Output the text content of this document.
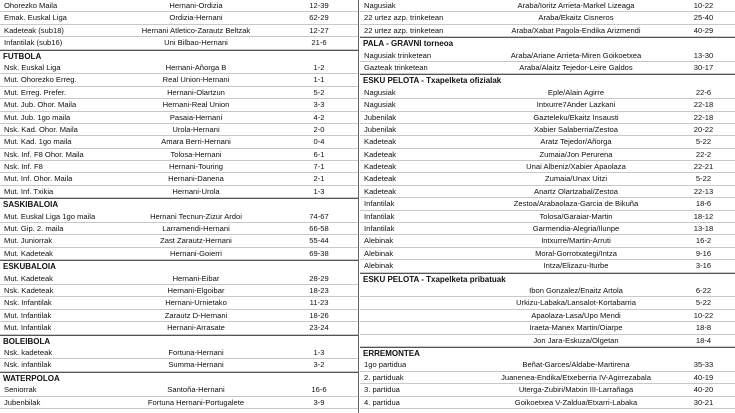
Ohorezko Maila	Hernani-Ordizia	12-39
Emak. Euskal Liga	Ordizia-Hernani	62-29
Kadeteak (sub18)	Hernani Atletico-Zarautz Beltzak	12-27
Infantilak (sub16)	Uni Bilbao-Hernani	21-6
FUTBOLA
Nsk. Euskal Liga	Hernani-Añorga B	1-2
Mut. Ohorezko Erreg.	Real Union-Hernani	1-1
Mut. Erreg. Prefer.	Hernani-Olartzun	5-2
Mut. Jub. Ohor. Maila	Hernani-Real Union	3-3
Mut. Jub. 1go maila	Pasaia-Hernani	4-2
Nsk. Kad. Ohor. Maila	Urola-Hernani	2-0
Mut. Kad. 1go maila	Amara Berri-Hernani	0-4
Nsk. Inf. F8 Ohor. Maila	Tolosa-Hernani	6-1
Nsk. Inf. F8	Hernani-Touring	7-1
Mut. Inf. Ohor. Maila	Hernani-Danena	2-1
Mut. Inf. Txikia	Hernani-Urola	1-3
SASKIBALOIA
Mut. Euskal Liga 1go maila	Hernani Tecnun-Zizur Ardoi	74-67
Mut. Gip. 2. maila	Larramendi-Hernani	66-58
Mut. Juniorrak	Zast Zarautz-Hernani	55-44
Mut. Kadeteak	Hernani-Goierri	69-38
ESKUBALOIA
Mut. Kadeteak	Hernani-Eibar	28-29
Nsk. Kadeteak	Hernani-Elgoibar	18-23
Nsk. Infantilak	Hernani-Urnietako	11-23
Mut. Infantilak	Zarautz D-Hernani	18-26
Mut. Infantilak	Hernani-Arrasate	23-24
BOLEIBOLA
Nsk. kadeteak	Fortuna-Hernani	1-3
Nsk. infantilak	Summa-Hernani	3-2
WATERPOLOA
Seniorrak	Santoña-Hernani	16-6
Jubenbilak	Fortuna Hernani-Portugalete	3-9
Nagusiak	Araba/Ioritz Arrieta-Markel Lizeaga	10-22
22 urtez azp. trinketean	Araba/Ekaitz Cisneros	25-40
22 urtez azp. trinketean	Araba/Xabat Pagola-Endika Arizmendi	40-29
PALA - GRAVNI torneoa
Nagusiak trinketean	Araba/Ariane Arrieta-Miren Goikoetxea	13-30
Gazteak trinketean	Araba/Alaitz Tejedor-Leire Galdos	30-17
ESKU PELOTA - Txapelketa ofizialak
Nagusiak	Eple/Alain Agirre	22-6
Nagusiak	Intxurre7Ander Lazkani	22-18
Jubenilak	Gazteleku/Ekaitz Insausti	22-18
Jubenilak	Xabier Salaberria/Zestoa	20-22
Kadeteak	Aratz Tejedor/Añorga	5-22
Kadeteak	Zumaia/Jon Perurena	22-2
Kadeteak	Unai Albeniz/Xabier Apaolaza	22-21
Kadeteak	Zumaia/Unax Uitzi	5-22
Kadeteak	Anartz Olartzabal/Zestoa	22-13
Infantilak	Zestoa/Arabaolaza-Garcia de Bikuña	18-6
Infantilak	Tolosa/Garaiar-Martin	18-12
Infantilak	Garmendia-Alegria/Ilunpe	13-18
Alebinak	Intxurre/Martin-Arruti	16-2
Alebinak	Moral-Gorrotxategi/Intza	9-16
Alebinak	Intza/Elizazu-Iturbe	3-16
ESKU PELOTA - Txapelketa pribatuak
Ibon Gonzalez/Enaitz Artola	6-22
Urkizu-Labaka/Lansalot-Kortabarria	5-22
Apaolaza-Lasa/Upo Mendi	10-22
Iraeta-Manex Martin/Oiarpe	18-8
Jon Jara-Eskuza/Olgetan	18-4
ERREMONTEA
1go partidua	Beñat-Garces/Aldabe-Martirena	35-33
2. partiduak	Juanenea-Endika/Etxeberria IV-Agirrezabala	40-19
3. partidua	Uterga-Zubiri/Matxin III-Larrañaga	40-20
4. partidua	Goikoetxea V-Zaldua/Etxarri-Labaka	30-21
